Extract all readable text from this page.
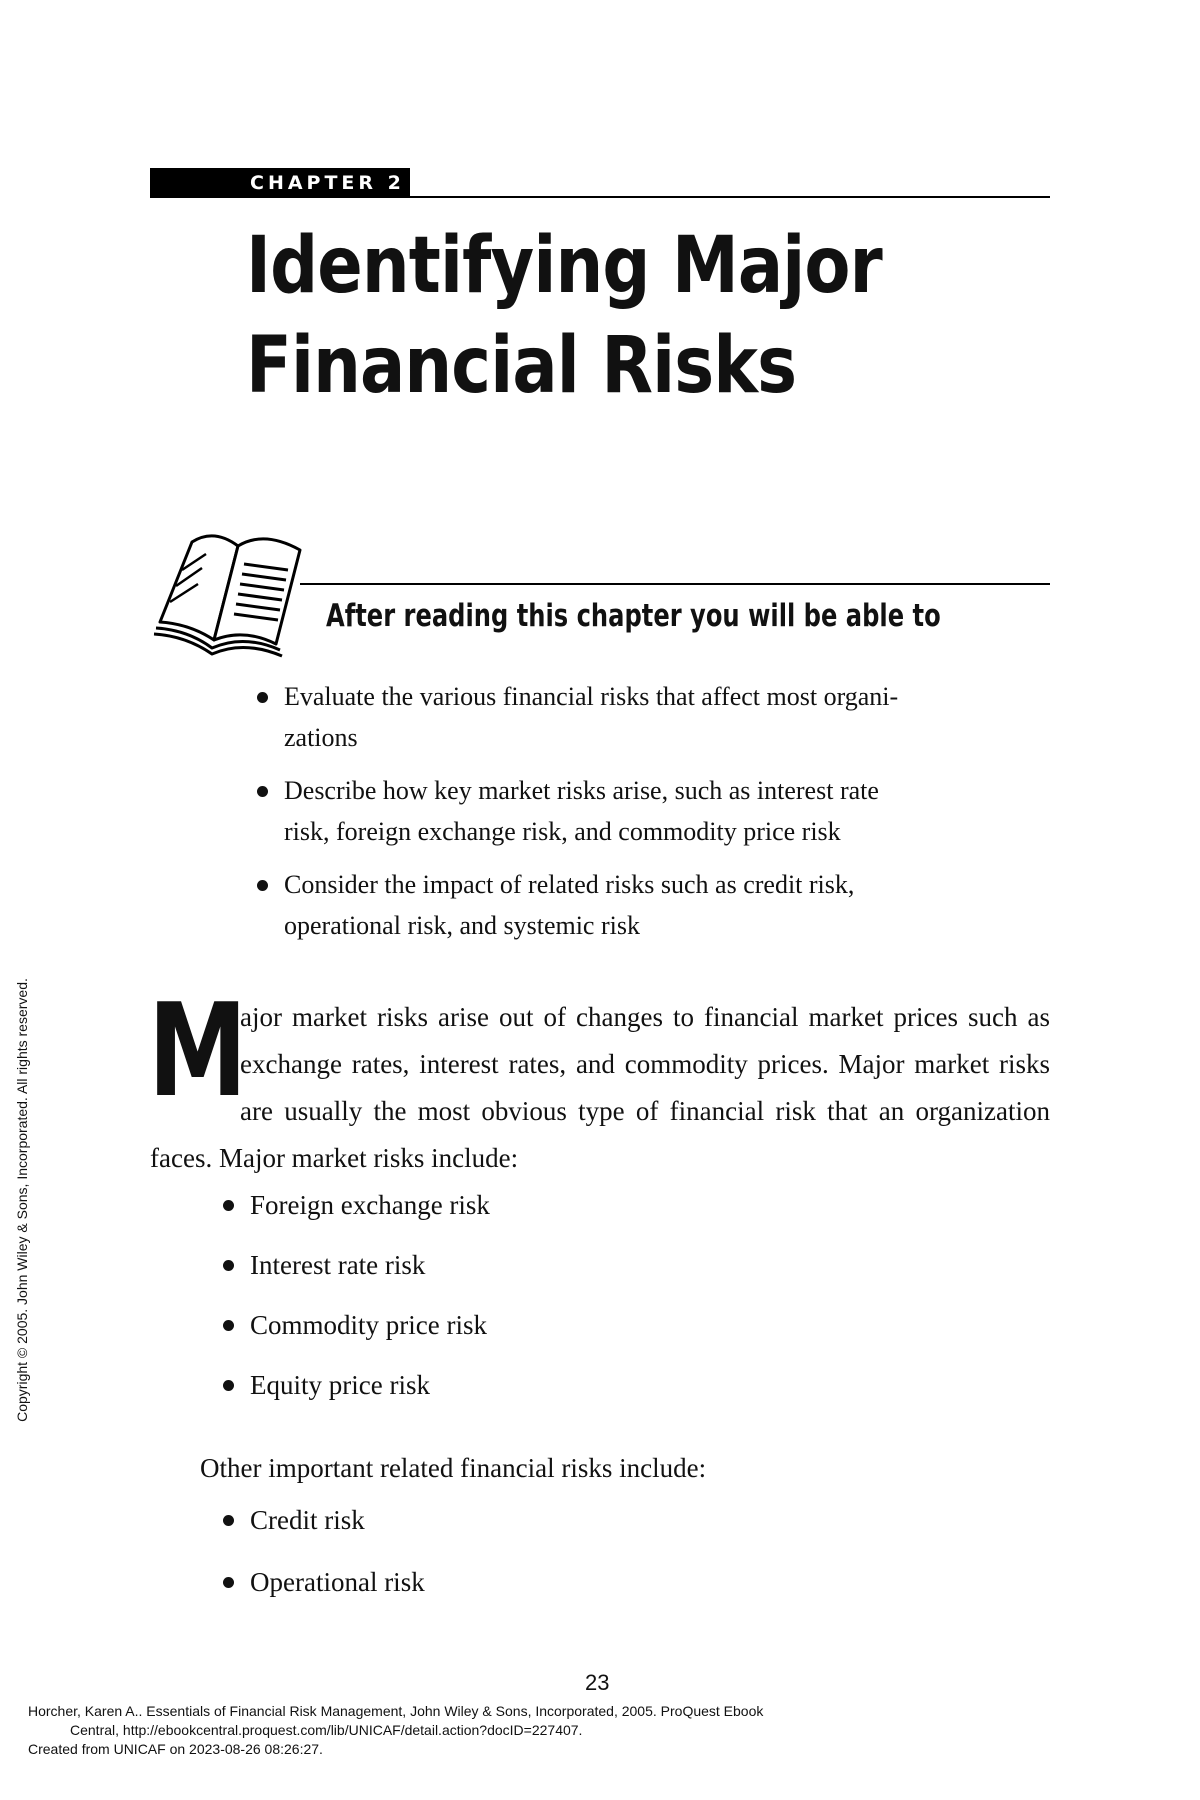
CHAPTER 2
Identifying Major
Financial Risks
After reading this chapter you will be able to
Evaluate the various financial risks that affect most organi-
zations
Describe how key market risks arise, such as interest rate
risk, foreign exchange risk, and commodity price risk
Consider the impact of related risks such as credit risk,
operational risk, and systemic risk

M
ajor market risks arise out of changes to financial market prices such as exchange rates, interest rates, and commodity prices. Major market risks are usually the most obvious type of financial risk that an organization faces. Major market risks include:

Foreign exchange risk
Interest rate risk
Commodity price risk
Equity price risk

Other important related financial risks include:

Credit risk
Operational risk
23
Horcher, Karen A.. Essentials of Financial Risk Management, John Wiley & Sons, Incorporated, 2005. ProQuest Ebook

Central, http://ebookcentral.proquest.com/lib/UNICAF/detail.action?docID=227407.
Created from UNICAF on 2023-08-26 08:26:27.
Copyright © 2005. John Wiley & Sons, Incorporated. All rights reserved.
